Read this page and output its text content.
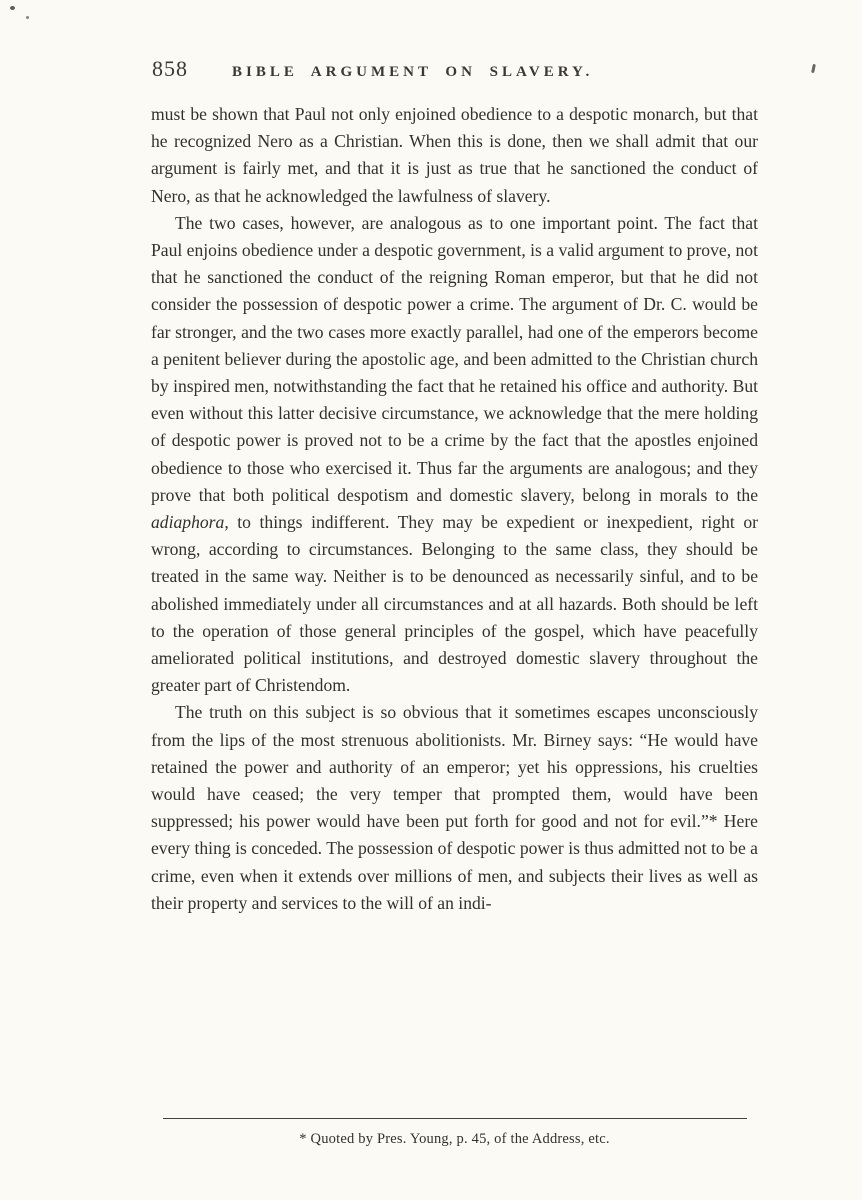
858	BIBLE ARGUMENT ON SLAVERY.

must be shown that Paul not only enjoined obedience to a despotic monarch, but that he recognized Nero as a Christian. When this is done, then we shall admit that our argument is fairly met, and that it is just as true that he sanctioned the conduct of Nero, as that he acknowledged the lawfulness of slavery.

The two cases, however, are analogous as to one important point. The fact that Paul enjoins obedience under a despotic government, is a valid argument to prove, not that he sanctioned the conduct of the reigning Roman emperor, but that he did not consider the possession of despotic power a crime. The argument of Dr. C. would be far stronger, and the two cases more exactly parallel, had one of the emperors become a penitent believer during the apostolic age, and been admitted to the Christian church by inspired men, notwithstanding the fact that he retained his office and authority. But even without this latter decisive circumstance, we acknowledge that the mere holding of despotic power is proved not to be a crime by the fact that the apostles enjoined obedience to those who exercised it. Thus far the arguments are analogous; and they prove that both political despotism and domestic slavery, belong in morals to the adiaphora, to things indifferent. They may be expedient or inexpedient, right or wrong, according to circumstances. Belonging to the same class, they should be treated in the same way. Neither is to be denounced as necessarily sinful, and to be abolished immediately under all circumstances and at all hazards. Both should be left to the operation of those general principles of the gospel, which have peacefully ameliorated political institutions, and destroyed domestic slavery throughout the greater part of Christendom.

The truth on this subject is so obvious that it sometimes escapes unconsciously from the lips of the most strenuous abolitionists. Mr. Birney says: “He would have retained the power and authority of an emperor; yet his oppressions, his cruelties would have ceased; the very temper that prompted them, would have been suppressed; his power would have been put forth for good and not for evil.”* Here every thing is conceded. The possession of despotic power is thus admitted not to be a crime, even when it extends over millions of men, and subjects their lives as well as their property and services to the will of an indi-

* Quoted by Pres. Young, p. 45, of the Address, etc.
